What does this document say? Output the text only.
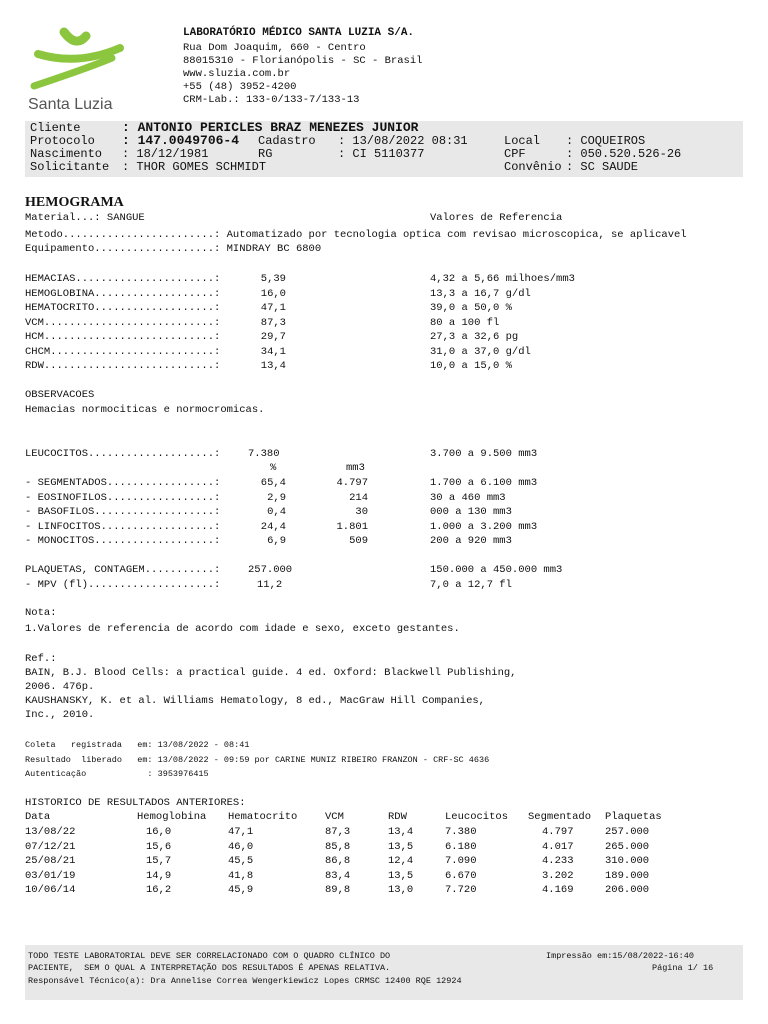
Santa Luzia
LABORATÓRIO MÉDICO SANTA LUZIA S/A.
Rua Dom Joaquim, 660 - Centro
88015310 - Florianópolis - SC - Brasil
www.sluzia.com.br
+55 (48) 3952-4200
CRM-Lab.: 133-0/133-7/133-13
Cliente	: ANTONIO PERICLES BRAZ MENEZES JUNIOR
Protocolo : 147.0049706-4 Cadastro : 13/08/2022 08:31	Local : COQUEIROS
Nascimento : 18/12/1981	RG	: CI 5110377	CPF	: 050.520.526-26
Solicitante : THOR GOMES SCHMIDT	Convênio : SC SAUDE
HEMOGRAMA
Material...: SANGUE	Valores de Referencia
Metodo........................: Automatizado por tecnologia optica com revisao microscopica, se aplicavel
Equipamento...................: MINDRAY BC 6800
HEMACIAS......................:	5,39	4,32 a 5,66 milhoes/mm3
HEMOGLOBINA...................:	16,0	13,3 a 16,7 g/dl
HEMATOCRITO...................:	47,1	39,0 a 50,0 %
VCM...........................:	87,3	80 a 100 fl
HCM...........................:	29,7	27,3 a 32,6 pg
CHCM..........................:	34,1	31,0 a 37,0 g/dl
RDW...........................:	13,4	10,0 a 15,0 %
OBSERVACOES
Hemacias normociticas e normocromicas.
LEUCOCITOS....................:	7.380	3.700 a 9.500 mm3
%	mm3
- SEGMENTADOS.................:	65,4	4.797	1.700 a 6.100 mm3
- EOSINOFILOS.................:	2,9	214	30 a 460 mm3
- BASOFILOS...................:	0,4	30	000 a 130 mm3
- LINFOCITOS..................:	24,4	1.801	1.000 a 3.200 mm3
- MONOCITOS...................:	6,9	509	200 a 920 mm3
PLAQUETAS, CONTAGEM...........:	257.000	150.000 a 450.000 mm3
- MPV (fl)....................:	11,2	7,0 a 12,7 fl
Nota:
1.Valores de referencia de acordo com idade e sexo, exceto gestantes.
Ref.:
BAIN, B.J. Blood Cells: a practical guide. 4 ed. Oxford: Blackwell Publishing,
2006. 476p.
KAUSHANSKY, K. et al. Williams Hematology, 8 ed., MacGraw Hill Companies,
Inc., 2010.
Coleta   registrada   em: 13/08/2022 - 08:41
Resultado  liberado   em: 13/08/2022 - 09:59 por CARINE MUNIZ RIBEIRO FRANZON - CRF-SC 4636
Autenticação            : 3953976415
HISTORICO DE RESULTADOS ANTERIORES:
Data	Hemoglobina Hematocrito	VCM	RDW	Leucocitos Segmentado Plaquetas
13/08/22	16,0	47,1	87,3	13,4	7.380	4.797	257.000
07/12/21	15,6	46,0	85,8	13,5	6.180	4.017	265.000
25/08/21	15,7	45,5	86,8	12,4	7.090	4.233	310.000
03/01/19	14,9	41,8	83,4	13,5	6.670	3.202	189.000
10/06/14	16,2	45,9	89,8	13,0	7.720	4.169	206.000
TODO TESTE LABORATORIAL DEVE SER CORRELACIONADO COM O QUADRO CLÍNICO DO
PACIENTE,  SEM O QUAL A INTERPRETAÇÃO DOS RESULTADOS É APENAS RELATIVA.
Responsável Técnico(a): Dra Annelise Correa Wengerkiewicz Lopes CRMSC 12400 RQE 12924
Impressão em:15/08/2022-16:40
Página 1/ 16
